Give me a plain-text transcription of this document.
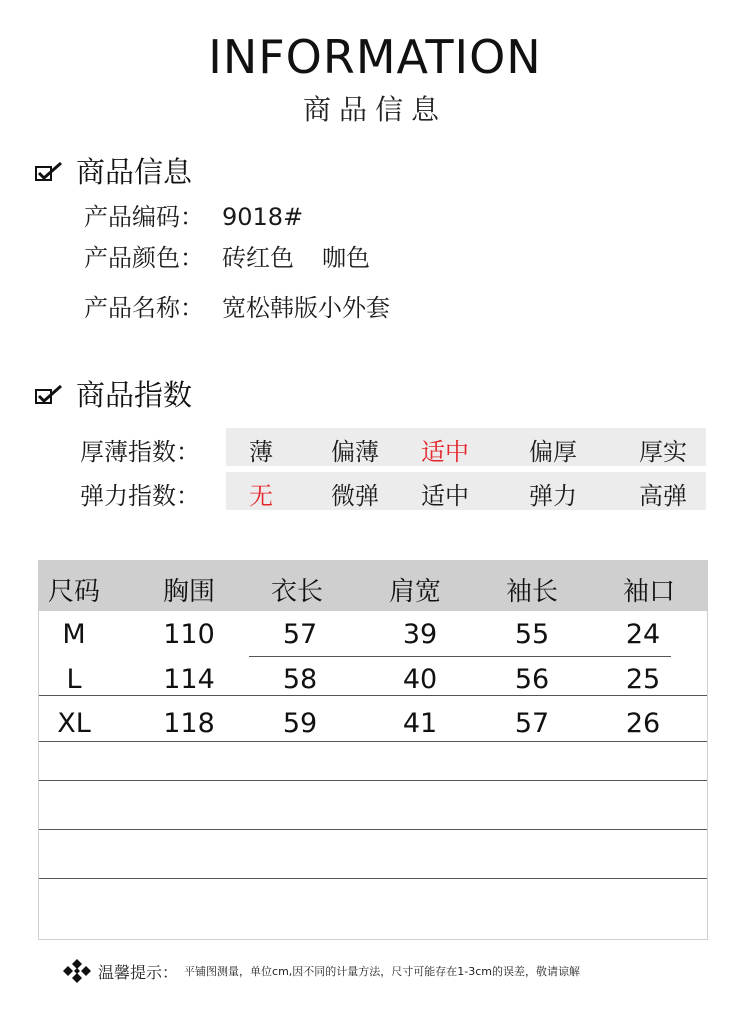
INFORMATION
商品信息
商品信息
产品编码： 9018#
产品颜色： 砖红色 咖色
产品名称： 宽松韩版小外套
商品指数
厚薄指数：	薄	偏薄	适中	偏厚	厚实
弹力指数：	无	微弹	适中	弹力	高弹
尺码	胸围	衣长	肩宽	袖长	袖口
M	110	57	39	55	24
L	114	58	40	56	25
XL	118	59	41	57	26
温馨提示： 平铺图测量，单位cm,因不同的计量方法，尺寸可能存在1-3cm的误差，敬请谅解
